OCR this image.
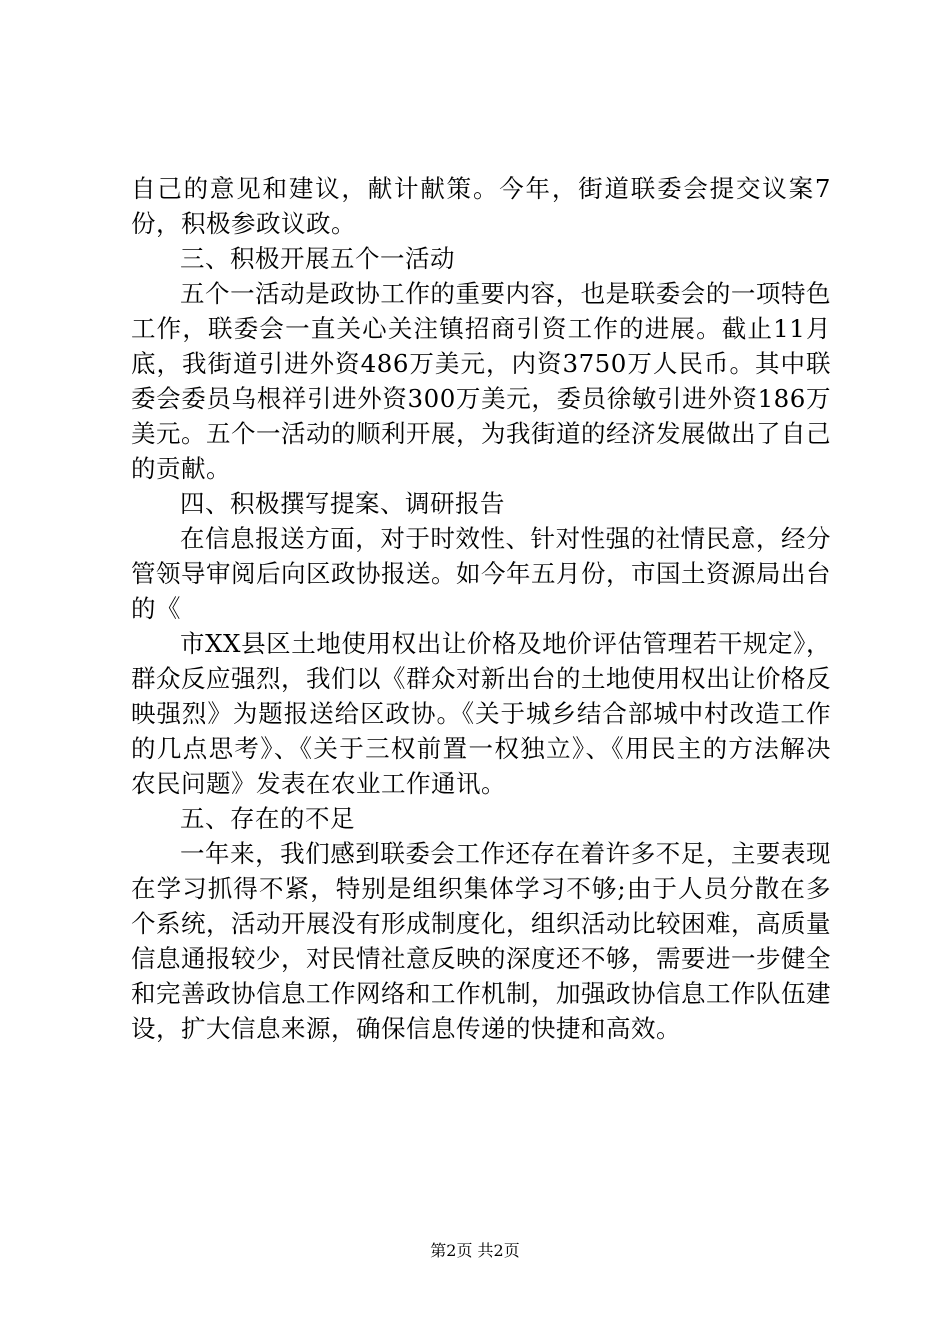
自己的意见和建议，献计献策。今年，街道联委会提交议案7份，积极参政议政。

三、积极开展五个一活动

五个一活动是政协工作的重要内容，也是联委会的一项特色工作，联委会一直关心关注镇招商引资工作的进展。截止11月底，我街道引进外资486万美元，内资3750万人民币。其中联委会委员乌根祥引进外资300万美元，委员徐敏引进外资186万美元。五个一活动的顺利开展，为我街道的经济发展做出了自己的贡献。

四、积极撰写提案、调研报告

在信息报送方面，对于时效性、针对性强的社情民意，经分管领导审阅后向区政协报送。如今年五月份，市国土资源局出台的《

市XX县区土地使用权出让价格及地价评估管理若干规定》，群众反应强烈，我们以《群众对新出台的土地使用权出让价格反映强烈》为题报送给区政协。《关于城乡结合部城中村改造工作的几点思考》、《关于三权前置一权独立》、《用民主的方法解决农民问题》发表在农业工作通讯。

五、存在的不足

一年来，我们感到联委会工作还存在着许多不足，主要表现在学习抓得不紧，特别是组织集体学习不够;由于人员分散在多个系统，活动开展没有形成制度化，组织活动比较困难，高质量信息通报较少，对民情社意反映的深度还不够，需要进一步健全和完善政协信息工作网络和工作机制，加强政协信息工作队伍建设，扩大信息来源，确保信息传递的快捷和高效。

第2页 共2页
